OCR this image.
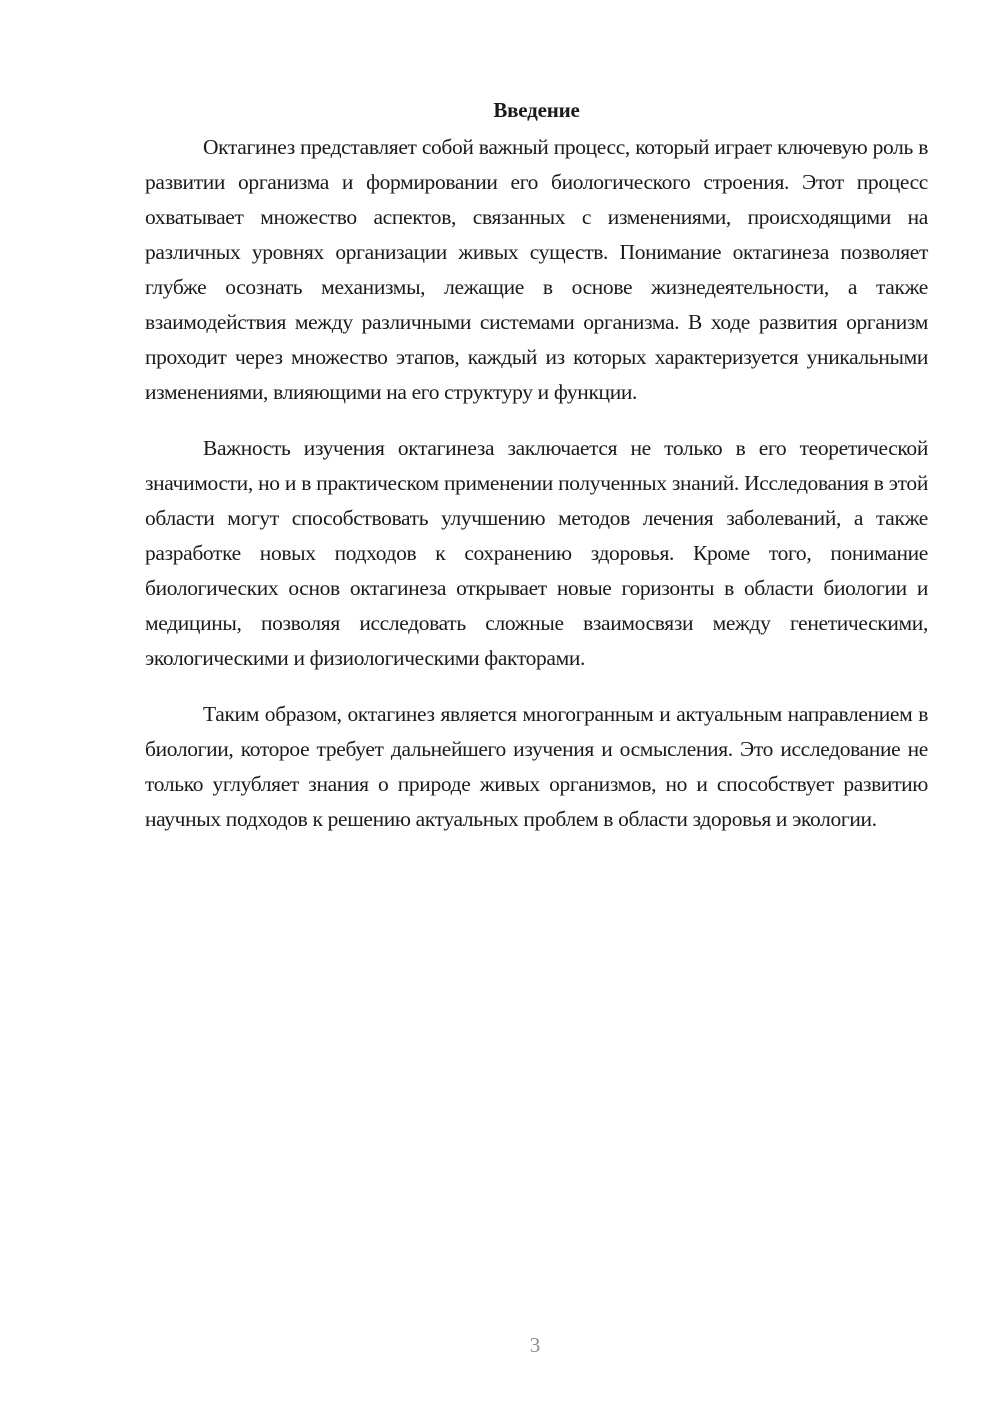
Введение

Октагинез представляет собой важный процесс, который играет ключевую роль в развитии организма и формировании его биологического строения. Этот процесс охватывает множество аспектов, связанных с изменениями, происходящими на различных уровнях организации живых существ. Понимание октагинеза позволяет глубже осознать механизмы, лежащие в основе жизнедеятельности, а также взаимодействия между различными системами организма. В ходе развития организм проходит через множество этапов, каждый из которых характеризуется уникальными изменениями, влияющими на его структуру и функции.

Важность изучения октагинеза заключается не только в его теоретической значимости, но и в практическом применении полученных знаний. Исследования в этой области могут способствовать улучшению методов лечения заболеваний, а также разработке новых подходов к сохранению здоровья. Кроме того, понимание биологических основ октагинеза открывает новые горизонты в области биологии и медицины, позволяя исследовать сложные взаимосвязи между генетическими, экологическими и физиологическими факторами.

Таким образом, октагинез является многогранным и актуальным направлением в биологии, которое требует дальнейшего изучения и осмысления. Это исследование не только углубляет знания о природе живых организмов, но и способствует развитию научных подходов к решению актуальных проблем в области здоровья и экологии.

3
